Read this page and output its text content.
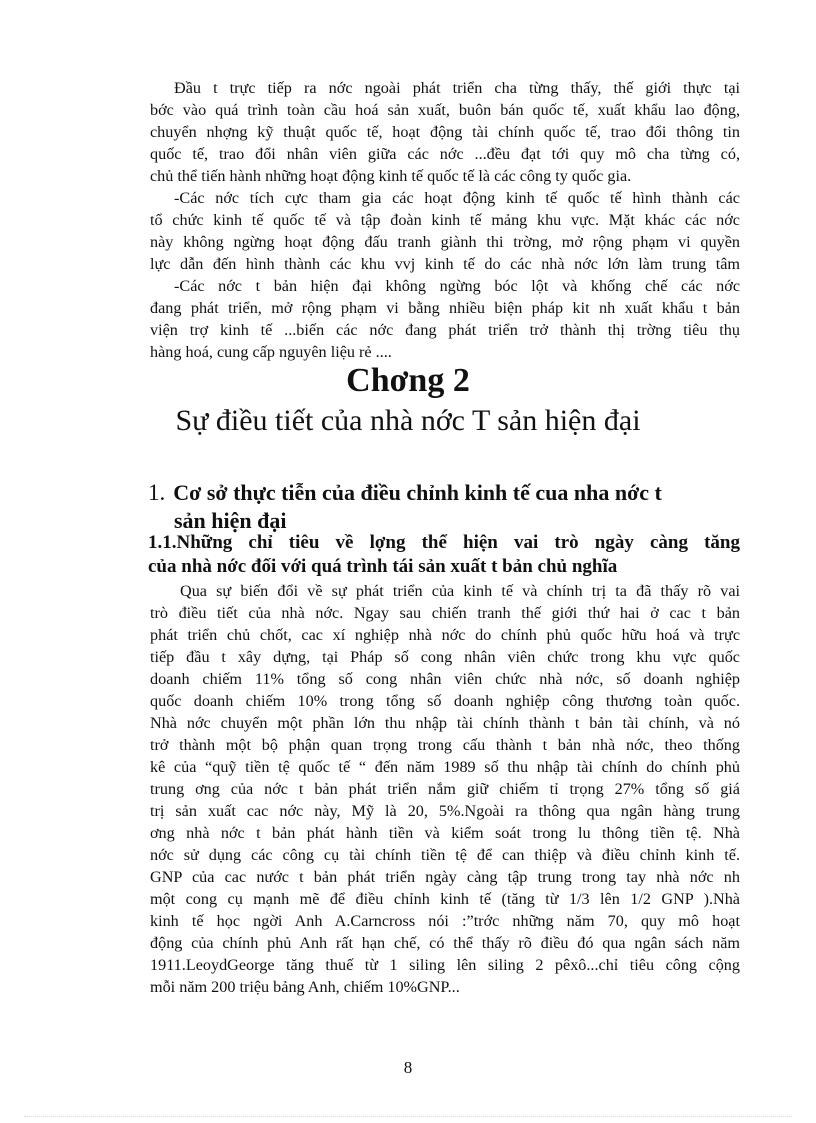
Đầu t trực tiếp ra nớc ngoài phát triển cha từng thấy, thế giới thực tại
bớc vào quá trình toàn cầu hoá sản xuất, buôn bán quốc tế, xuất khẩu lao động,
chuyển nhợng kỹ thuật quốc tế, hoạt động tài chính quốc tế, trao đổi thông tin
quốc tế, trao đổi nhân viên giữa các nớc ...đều đạt tới quy mô cha từng có,
chủ thể tiến hành những hoạt động kinh tế quốc tế là các công ty quốc gia.
-Các nớc tích cực tham gia các hoạt động kinh tế quốc tế hình thành các
tổ chức kinh tế quốc tế và tập đoàn kinh tế mảng khu vực. Mặt khác các nớc
này không ngừng hoạt động đấu tranh giành thi trờng, mở rộng phạm vi quyền
lực dẫn đến hình thành các khu vvj kinh tế do các nhà nớc lớn làm trung tâm
-Các nớc t bản hiện đại không ngừng bóc lột và khống chế các nớc
đang phát triển, mở rộng phạm vi bằng nhiều biện pháp kit nh xuất khẩu t bản
viện trợ kinh tế ...biến các nớc đang phát triển trở thành thị trờng tiêu thụ
hàng hoá, cung cấp nguyên liệu rẻ ....
Chơng 2
Sự điều tiết của nhà nớc T sản hiện đại
1. Cơ sở thực tiễn của điều chỉnh kinh tế cua nha nớc t
sản hiện đại
1.1.Những chỉ tiêu về lợng thể hiện vai trò ngày càng tăng
của nhà nớc đối với quá trình tái sản xuất t bản chủ nghĩa
Qua sự biến đổi về sự phát triển của kinh tế và chính trị ta đã thấy rõ vai
trò điều tiết của nhà nớc. Ngay sau chiến tranh thế giới thứ hai ở cac t bản
phát triển chủ chốt, cac xí nghiệp nhà nớc do chính phủ quốc hữu hoá và trực
tiếp đầu t xây dựng, tại Pháp số cong nhân viên chức trong khu vực quốc
doanh chiếm 11% tổng số cong nhân viên chức nhà nớc, số doanh nghiệp
quốc doanh chiếm 10% trong tổng số doanh nghiệp công thương toàn quốc.
Nhà nớc chuyển một phần lớn thu nhập tài chính thành t bản tài chính, và nó
trở thành một bộ phận quan trọng trong cấu thành t bản nhà nớc, theo thống
kê của “quỹ tiền tệ quốc tế “ đến năm 1989 số thu nhập tài chính do chính phủ
trung ơng của nớc t bản phát triển nắm giữ chiếm tỉ trọng 27% tổng số giá
trị sản xuất cac nớc này, Mỹ là 20, 5%.Ngoài ra thông qua ngân hàng trung
ơng nhà nớc t bản phát hành tiền và kiểm soát trong lu thông tiền tệ. Nhà
nớc sử dụng các công cụ tài chính tiền tệ để can thiệp và điều chỉnh kinh tế.
GNP của cac nước t bản phát triển ngày càng tập trung trong tay nhà nớc nh
một cong cụ mạnh mẽ để điều chỉnh kinh tế (tăng từ 1/3 lên 1/2 GNP ).Nhà
kinh tế học ngời Anh A.Carncross nói :”trớc những năm 70, quy mô hoạt
động của chính phủ Anh rất hạn chế, có thể thấy rõ điều đó qua ngân sách năm
1911.LeoydGeorge tăng thuế từ 1 siling lên siling 2 pêxô...chỉ tiêu công cộng
mỗi năm 200 triệu bảng Anh, chiếm 10%GNP...
8
